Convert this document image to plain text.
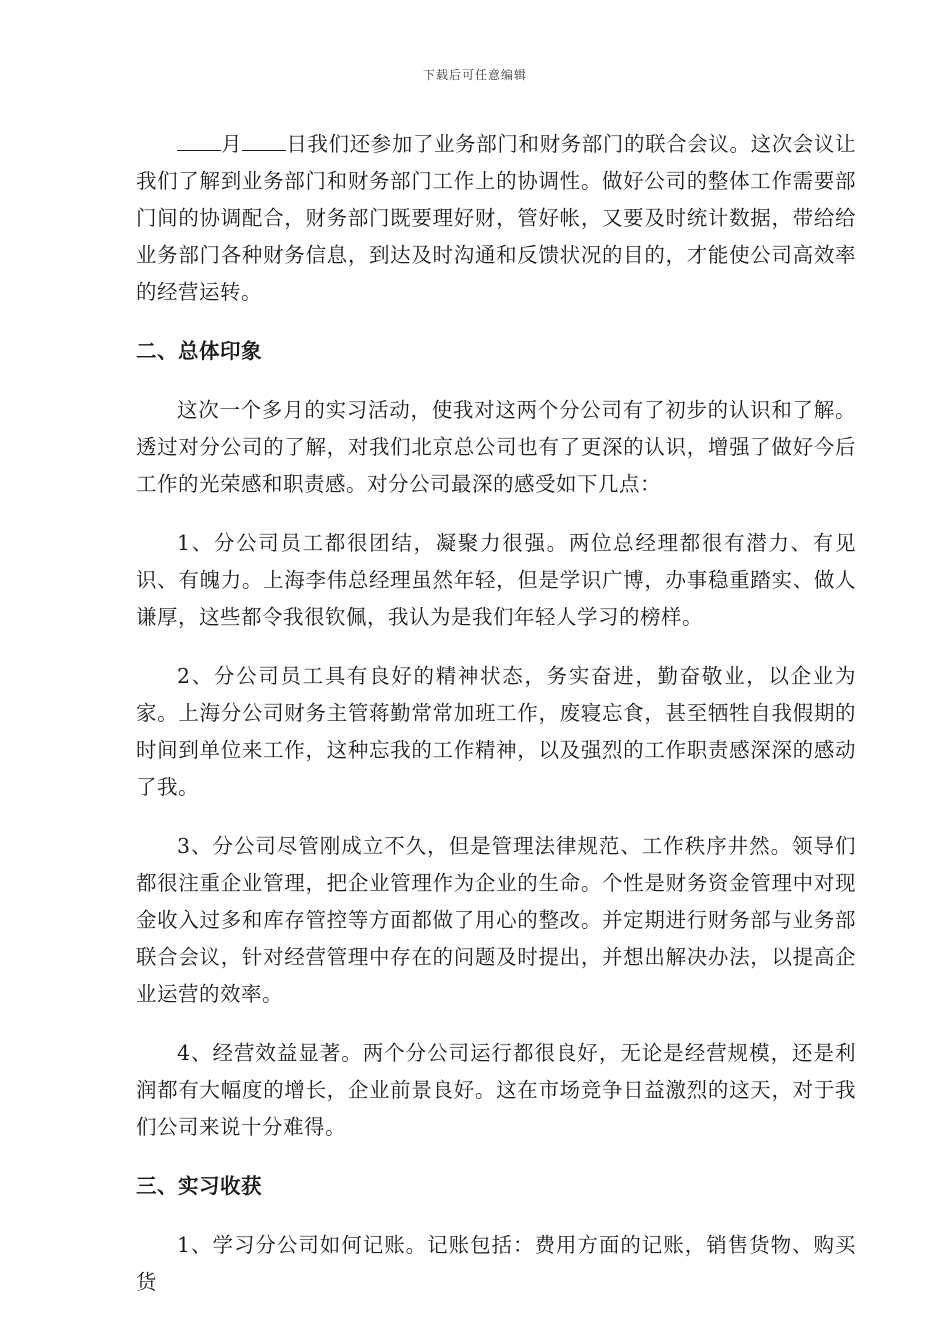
下载后可任意编辑

月 日我们还参加了业务部门和财务部门的联合会议。这次会议让我们了解到业务部门和财务部门工作上的协调性。做好公司的整体工作需要部门间的协调配合，财务部门既要理好财，管好帐，又要及时统计数据，带给给业务部门各种财务信息，到达及时沟通和反馈状况的目的，才能使公司高效率的经营运转。

二、总体印象

这次一个多月的实习活动，使我对这两个分公司有了初步的认识和了解。透过对分公司的了解，对我们北京总公司也有了更深的认识，增强了做好今后工作的光荣感和职责感。对分公司最深的感受如下几点：

1、分公司员工都很团结，凝聚力很强。两位总经理都很有潜力、有见识、有魄力。上海李伟总经理虽然年轻，但是学识广博，办事稳重踏实、做人谦厚，这些都令我很钦佩，我认为是我们年轻人学习的榜样。

2、分公司员工具有良好的精神状态，务实奋进，勤奋敬业，以企业为家。上海分公司财务主管蒋勤常常加班工作，废寝忘食，甚至牺牲自我假期的时间到单位来工作，这种忘我的工作精神，以及强烈的工作职责感深深的感动了我。

3、分公司尽管刚成立不久，但是管理法律规范、工作秩序井然。领导们都很注重企业管理，把企业管理作为企业的生命。个性是财务资金管理中对现金收入过多和库存管控等方面都做了用心的整改。并定期进行财务部与业务部联合会议，针对经营管理中存在的问题及时提出，并想出解决办法，以提高企业运营的效率。

4、经营效益显著。两个分公司运行都很良好，无论是经营规模，还是利润都有大幅度的增长，企业前景良好。这在市场竞争日益激烈的这天，对于我们公司来说十分难得。

三、实习收获

1、学习分公司如何记账。记账包括：费用方面的记账，销售货物、购买货
